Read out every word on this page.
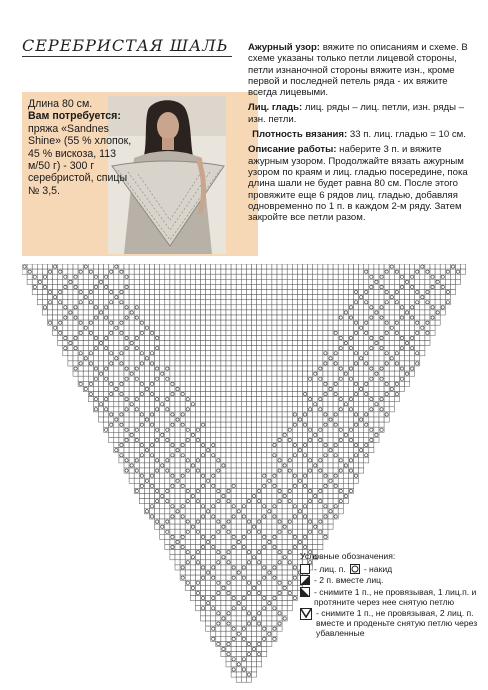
СЕРЕБРИСТАЯ ШАЛЬ

Длина 80 см.

Вам потребуется: пряжа «Sandnes Shine» (55 % хлопок, 45 % вискоза, 113 м/50 г) - 300 г серебристой, спицы № 3,5.

Ажурный узор: вяжите по описаниям и схеме. В схеме указаны только петли лицевой стороны, петли изнаночной стороны вяжите изн., кроме первой и последней петель ряда - их вяжите всегда лицевыми.

Лиц. гладь: лиц. ряды – лиц. петли, изн. ряды – изн. петли.

Плотность вязания: 33 п. лиц. гладью = 10 см.

Описание работы: наберите 3 п. и вяжите ажурным узором. Продолжайте вязать ажурным узором по краям и лиц. гладью посередине, пока длина шали не будет равна 80 см. После этого провяжите еще 6 рядов лиц. гладью, добавляя одновременно по 1 п. в каждом 2-м ряду. Затем закройте все петли разом.

Условные обозначения:
- лиц. п. - накид
- 2 п. вместе лиц.
- снимите 1 п., не провязывая, 1 лиц.п. и протяните через нее снятую петлю
- снимите 1 п., не провязывая, 2 лиц. п. вместе и проденьте снятую петлю через убавленные
